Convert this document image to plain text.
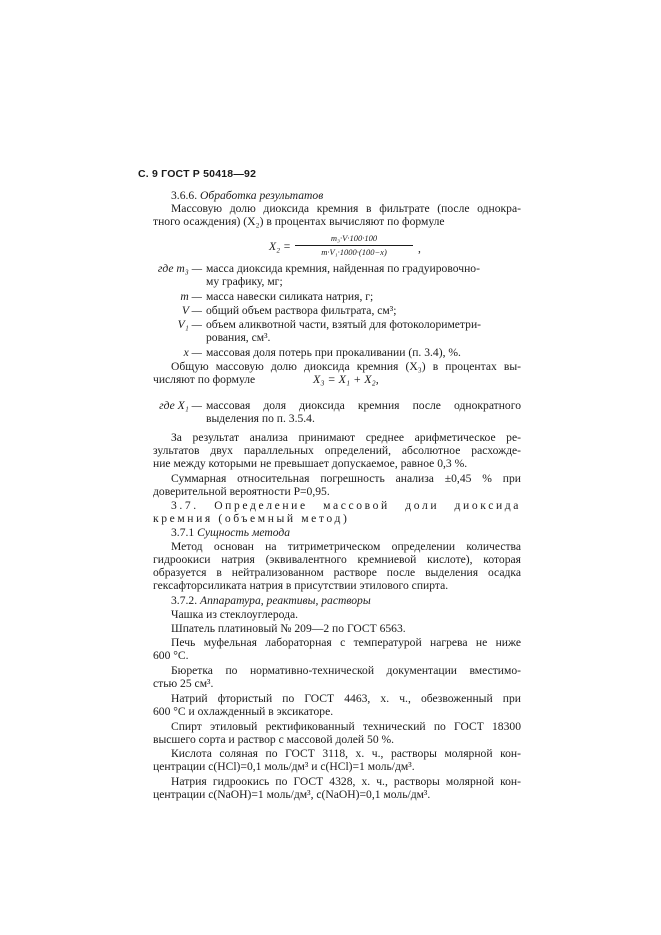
С. 9 ГОСТ Р 50418—92
3.6.6. Обработка результатов
Массовую долю диоксида кремния в фильтрате (после однокра-
тного осаждения) (X₂) в процентах вычисляют по формуле
$X_2 = \frac{\text{m₃·V·100·100}}{\text{m·V₁·1000·(100−x)}}$ ,
где m₃ — масса диоксида кремния, найденная по градуировочно-
му графику, мг;
m — масса навески силиката натрия, г;
V — общий объем раствора фильтрата, см³;
V₁ — объем аликвотной части, взятый для фотоколориметри-
рования, см³.
x — массовая доля потерь при прокаливании (п. 3.4), %.
Общую массовую долю диоксида кремния (X₃) в процентах вы-
числяют по формуле	X₃ = X₁ + X₂,
где X₁ — массовая доля диоксида кремния после однократного
выделения по п. 3.5.4.
За результат анализа принимают среднее арифметическое ре-
зультатов двух параллельных определений, абсолютное расхожде-
ние между которыми не превышает допускаемое, равное 0,3 %.
Суммарная относительная погрешность анализа ±0,45 % при
доверительной вероятности P=0,95.
3.7. Определение массовой доли диоксида
кремния (объемный метод)
3.7.1 Сущность метода
Метод основан на титриметрическом определении количества
гидроокиси натрия (эквивалентного кремниевой кислоте), которая
образуется в нейтрализованном растворе после выделения осадка
гексафторсиликата натрия в присутствии этилового спирта.
3.7.2. Аппаратура, реактивы, растворы
Чашка из стеклоуглерода.
Шпатель платиновый № 209—2 по ГОСТ 6563.
Печь муфельная лабораторная с температурой нагрева не ниже
600 °С.
Бюретка по нормативно-технической документации вместимо-
стью 25 см³.
Натрий фтористый по ГОСТ 4463, х. ч., обезвоженный при
600 °С и охлажденный в эксикаторе.
Спирт этиловый ректификованный технический по ГОСТ 18300
высшего сорта и раствор с массовой долей 50 %.
Кислота соляная по ГОСТ 3118, х. ч., растворы молярной кон-
центрации c(HCl)=0,1 моль/дм³ и c(HCl)=1 моль/дм³.
Натрия гидроокись по ГОСТ 4328, х. ч., растворы молярной кон-
центрации c(NaOH)=1 моль/дм³, c(NaOH)=0,1 моль/дм³.
